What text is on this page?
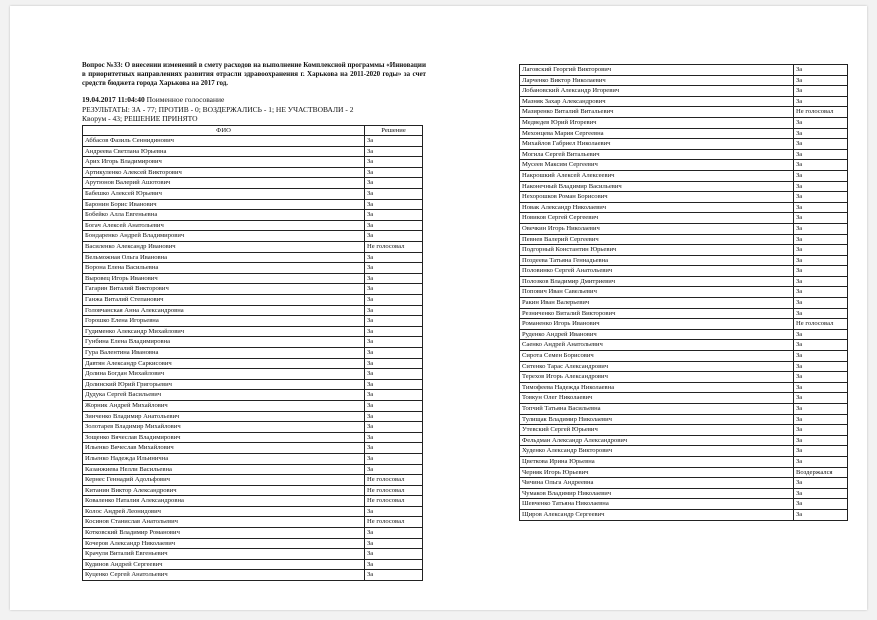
Вопрос №33: О внесении изменений в смету расходов на выполнение Комплексной программы «Инновации в приоритетных направлениях развития отрасли здравоохранения г. Харькова на 2011-2020 годы» за счет средств бюджета города Харькова на 2017 год.

19.04.2017 11:04:40 Поименное голосование
РЕЗУЛЬТАТЫ: ЗА - 77; ПРОТИВ - 0; ВОЗДЕРЖАЛИСЬ - 1; НЕ УЧАСТВОВАЛИ - 2
Кворум - 43; РЕШЕНИЕ ПРИНЯТО
ФИО	Решение
Аббасов Фазиль Сеннидинович	За
Андреева Светлана Юрьевна	За
Арих Игорь Владимирович	За
Артикуленко Алексей Викторович	За
Арутюнов Валерий Ашотович	За
Бабешко Алексей Юрьевич	За
Баронин Борис Иванович	За
Бобейко Алла Евгеньевна	За
Богач Алексей Анатольевич	За
Бондаренко Андрей Владимирович	За
Василенко Александр Иванович	Не голосовал
Вельможная Ольга Ивановна	За
Ворона Елена Васильевна	За
Выровец Игорь Иванович	За
Гагарин Виталий Викторович	За
Ганжа Виталий Степанович	За
Головчанская Анна Александровна	За
Горошко Елена Игорьевна	За
Гудименко Александр Михайлович	За
Гунбина Елена Владимировна	За
Гура Валентина Ивановна	За
Давтян Александр Саркисович	За
Долина Богдан Михайлович	За
Долинский Юрий Григорьевич	За
Дудука Сергей Васильевич	За
Жорник Андрей Михайлович	За
Зинченко Владимир Анатольевич	За
Золотарев Владимир Михайлович	За
Зощенко Вячеслав Владимирович	За
Ильенко Вячеслав Михайлович	За
Ильенко Надежда Ильинична	За
Казанжиева Нелли Васильевна	За
Кернес Геннадий Адольфович	Не голосовал
Китанин Виктор Александрович	Не голосовал
Коваленко Наталия Александровна	Не голосовал
Колос Андрей Леонидович	За
Косинов Станислав Анатольевич	Не голосовал
Котковский Владимир Романович	За
Кочеров Александр Николаевич	За
Крачуля Виталий Евгеньевич	За
Кудинов Андрей Сергеевич	За
Куценко Сергей Анатольевич	За
Лаговский Георгий Викторович	За
Ларченко Виктор Николаевич	За
Лобановский Александр Игоревич	За
Мазняк Захар Александрович	За
Мазиренко Виталий Витальевич	Не голосовал
Медведев Юрий Игоревич	За
Мехонцева Мария Сергеевна	За
Михайлов Габриел Николаевич	За
Могила Сергей Витальевич	За
Мусеев Максим Сергеевич	За
Накрошкий Алексей Алексеевич	За
Наконечный Владимир Васильевич	За
Нехорошков Роман Борисович	За
Новак Александр Николаевич	За
Новиков Сергей Сергеевич	За
Овечкин Игорь Николаевич	За
Певнев Валерий Сергеевич	За
Подгорный Константин Юрьевич	За
Поздеева Татьяна Геннадьевна	За
Половинко Сергей Анатольевич	За
Полозков Владимир Дмитриевич	За
Попович Иван Савельевич	За
Ракин Иван Валерьевич	За
Резниченко Виталий Викторович	За
Романенко Игорь Иванович	Не голосовал
Руденко Андрей Иванович	За
Саенко Андрей Анатольевич	За
Сирота Семен Борисович	За
Ситенко Тарас Александрович	За
Терехов Игорь Александрович	За
Тимофеева Надежда Николаевна	За
Товкун Олег Николаевич	За
Топчий Татьяна Васильевна	За
Тулищак Владимир Николаевич	За
Утевский Сергей Юрьевич	За
Фельдман Александр Александрович	За
Худенко Александр Викторович	За
Цветкова Ирина Юрьевна	За
Черняк Игорь Юрьевич	Воздержался
Чичина Ольга Андреевна	За
Чумаков Владимир Николаевич	За
Шевченко Татьяна Николаевна	За
Щиров Александр Сергеевич	За
